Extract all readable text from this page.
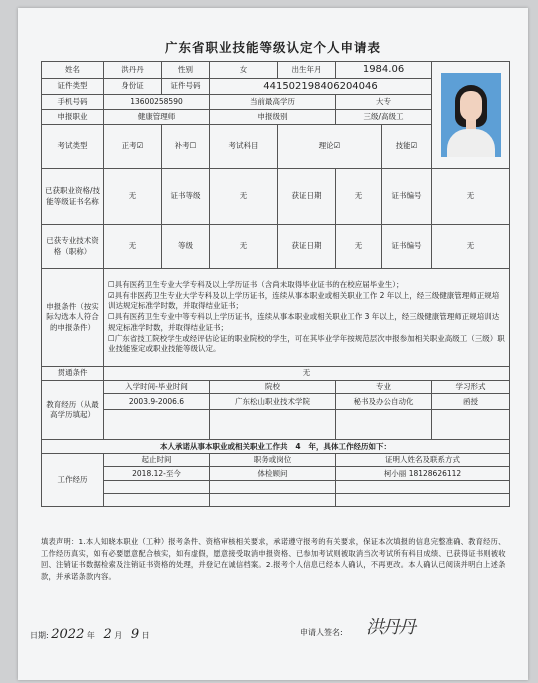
广东省职业技能等级认定个人申请表
姓名	洪丹丹	性别	女	出生年月	1984.06		

证件类型	身份证	证件号码	441502198406204046				
手机号码	13600258590		当前最高学历		大专		
申报职业	健康管理师		申报级别		三级/高级工		
考试类型	正考☑	补考☐	考试科目	理论☑		技能☑	
已获职业资格/技能等级证书名称	无	证书等级	无	获证日期	无	证书编号	无
已获专业技术资格（职称）	无	等级	无	获证日期	无	证书编号	无
申报条件（按实际勾选本人符合的申报条件）	☐具有医药卫生专业大学专科及以上学历证书（含尚未取得毕业证书的在校应届毕业生）；
☑具有非医药卫生专业大学专科及以上学历证书，连续从事本职业或相关职业工作 2 年以上，经三级健康管理师正规培训达规定标准学时数，并取得结业证书；
☐具有医药卫生专业中等专科以上学历证书，连续从事本职业或相关职业工作 3 年以上，经三级健康管理师正规培训达规定标准学时数，并取得结业证书；
☐广东省技工院校学生或经评估论证的职业院校的学生，可在其毕业学年按规范层次申报参加相关职业高级工（三级）职业技能鉴定或职业技能等级认定。						

贯通条件	无						
教育经历（从最高学历填起）	入学时间-毕业时间		院校		专业		学习形式
	2003.9-2006.6		广东松山职业技术学院		秘书及办公自动化		函授

本人承诺从事本职业或相关职业工作共 4 年，具体工作经历如下：							
工作经历	起止时间		职务或岗位		证明人姓名及联系方式		
	2018.12-至今		体检顾问		柯小丽 18128626112		

填表声明：1.本人知晓本职业（工种）报考条件、资格审核相关要求，承诺遵守报考的有关要求，保证本次填报的信息完整准确、教育经历、工作经历真实，如有必要愿意配合核实，如有虚假，愿意接受取消申报资格、已参加考试则被取消当次考试所有科目成绩、已获得证书则被收回、注销证书数据检索及注销证书资格的处理，并登记在诚信档案。2.报考个人信息已经本人确认，不再更改。本人确认已阅读并明白上述条款，并承诺条款内容。
日期: 2022 年 2 月 9 日	申请人签名: 洪丹丹
